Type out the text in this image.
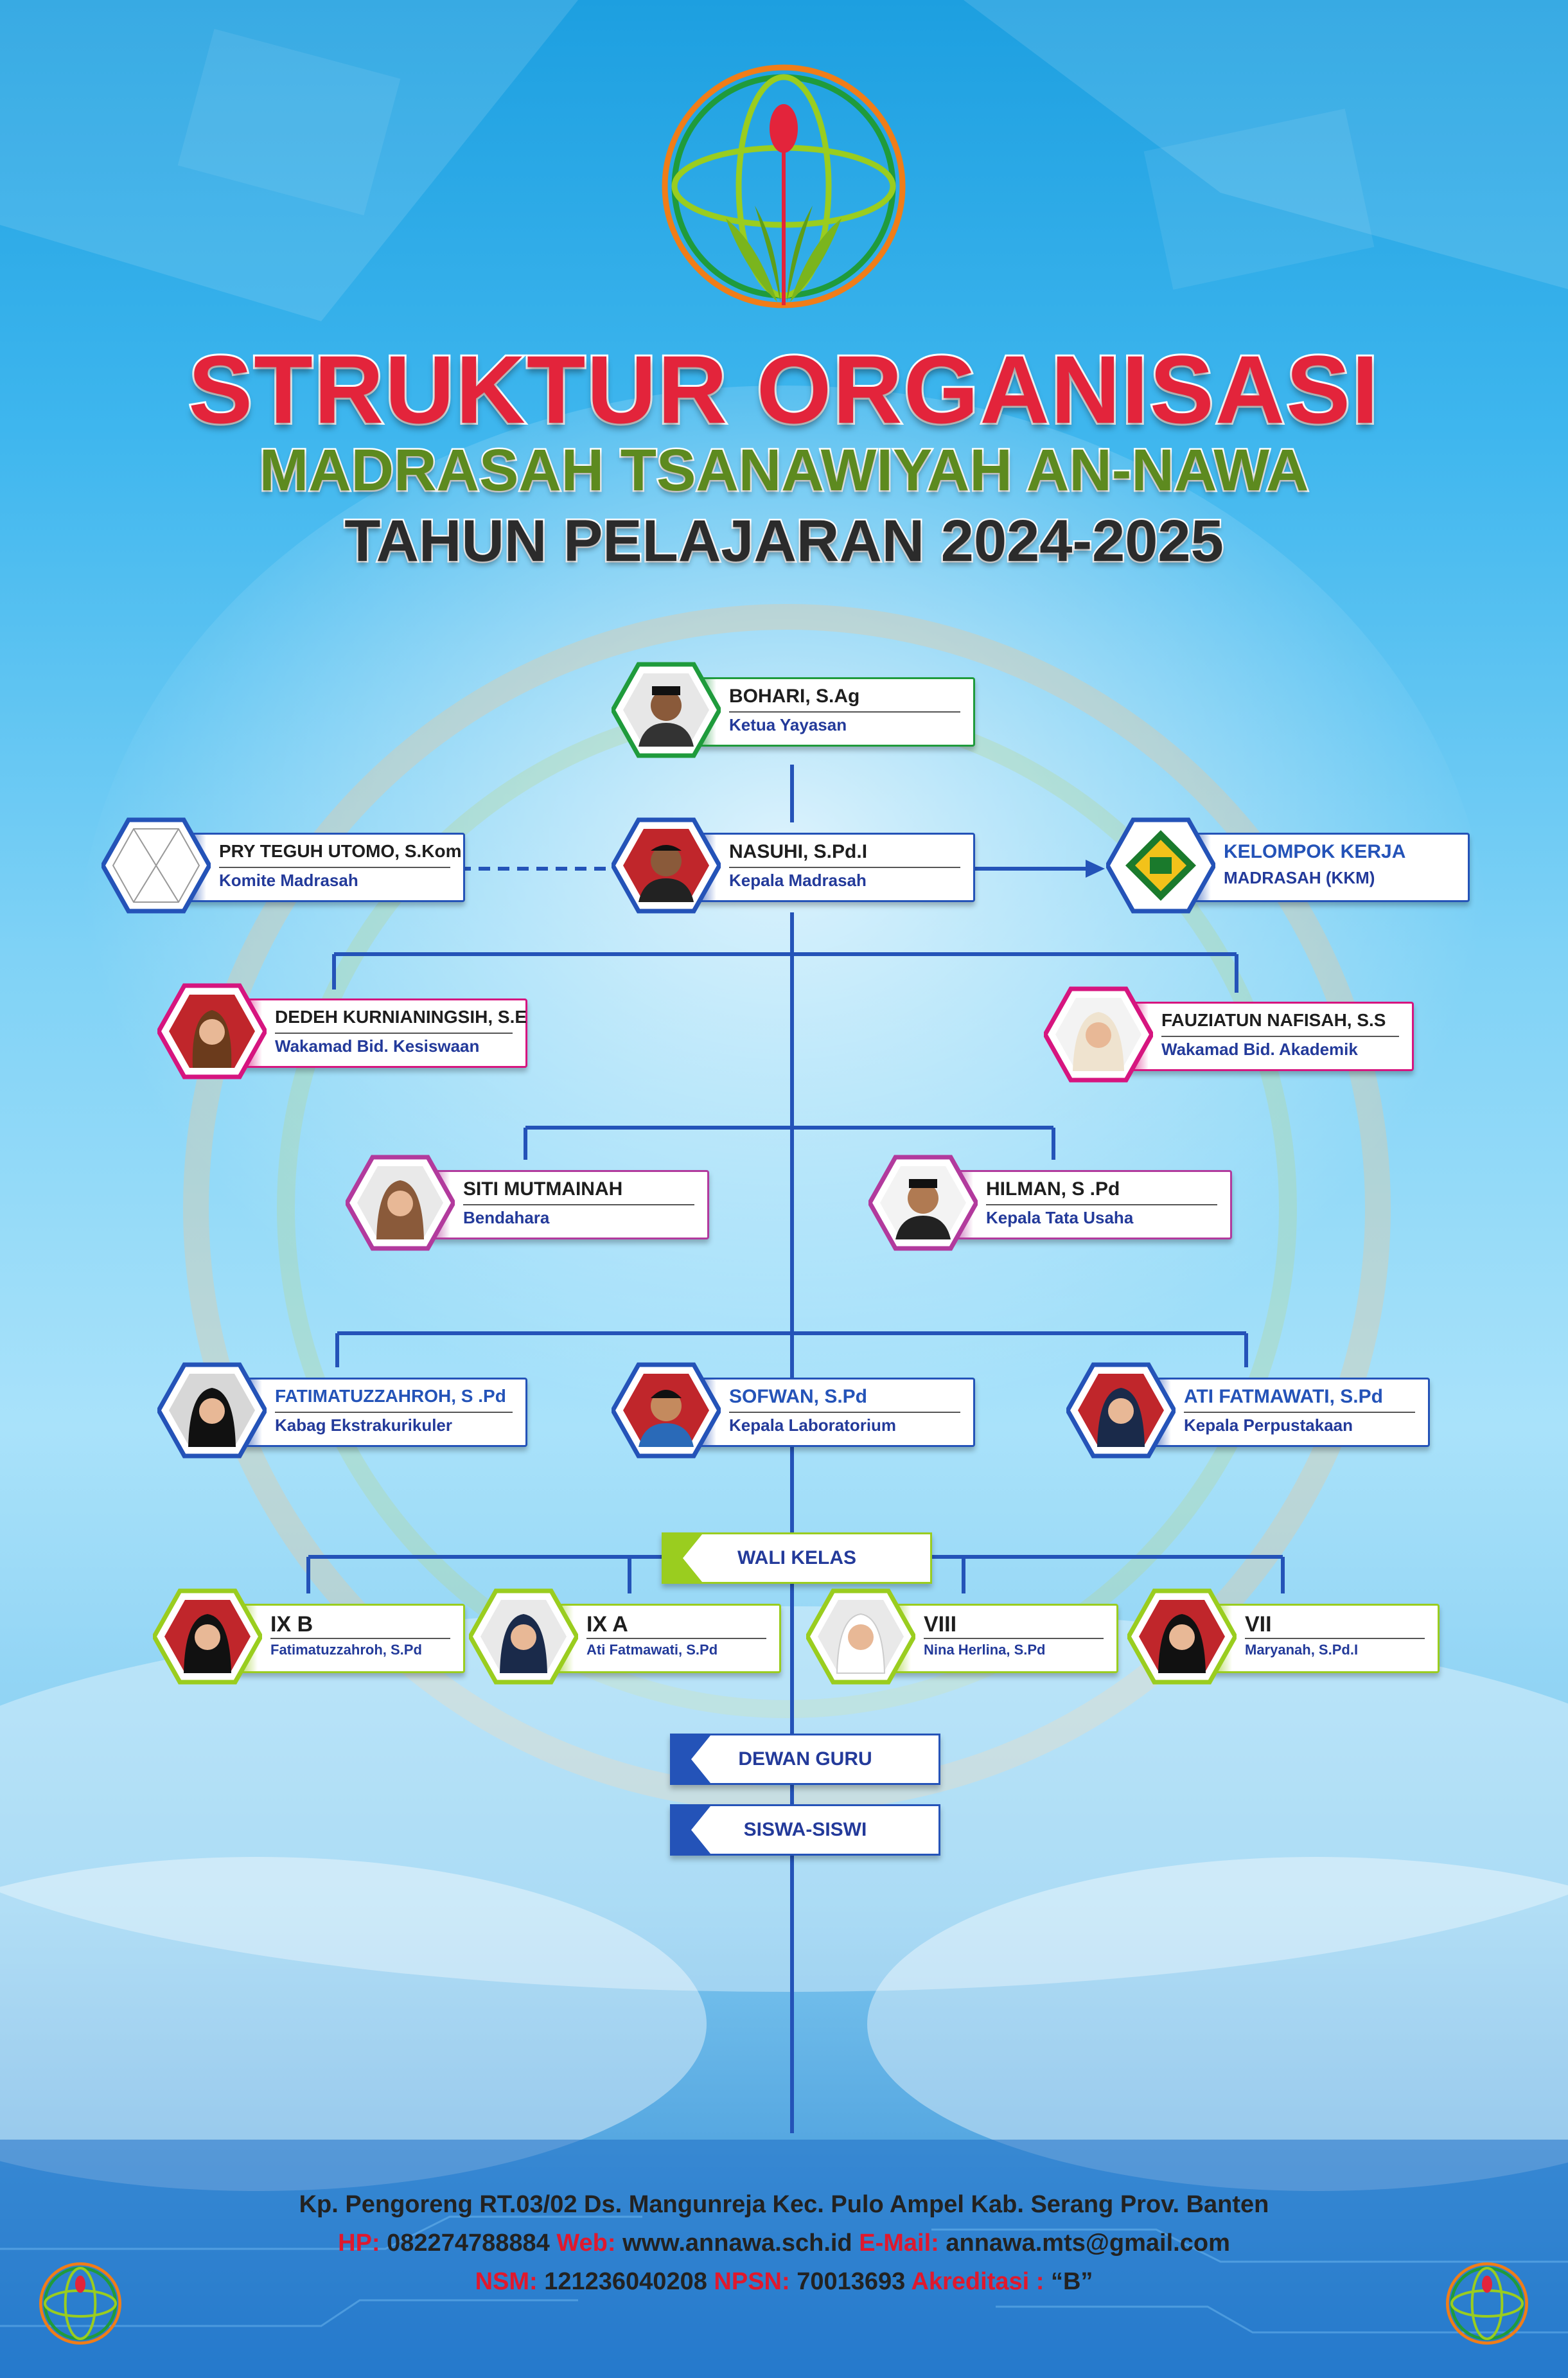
STRUKTUR ORGANISASI
MADRASAH TSANAWIYAH AN-NAWA
TAHUN PELAJARAN 2024-2025
BOHARI, S.Ag
Ketua Yayasan
PRY TEGUH UTOMO, S.Kom
Komite Madrasah
NASUHI, S.Pd.I
Kepala Madrasah
KELOMPOK KERJA
MADRASAH (KKM)
DEDEH KURNIANINGSIH, S.E
Wakamad Bid. Kesiswaan
FAUZIATUN NAFISAH, S.S
Wakamad Bid. Akademik
SITI MUTMAINAH
Bendahara
HILMAN, S .Pd
Kepala Tata Usaha
FATIMATUZZAHROH, S .Pd
Kabag Ekstrakurikuler
SOFWAN, S.Pd
Kepala Laboratorium
ATI FATMAWATI, S.Pd
Kepala Perpustakaan
WALI KELAS
IX B
Fatimatuzzahroh, S.Pd
IX A
Ati Fatmawati, S.Pd
VIII
Nina Herlina, S.Pd
VII
Maryanah, S.Pd.I
DEWAN GURU
SISWA-SISWI
Kp. Pengoreng RT.03/02 Ds. Mangunreja Kec. Pulo Ampel Kab. Serang Prov. Banten
HP: 082274788884 Web: www.annawa.sch.id E-Mail: annawa.mts@gmail.com
NSM: 121236040208 NPSN: 70013693 Akreditasi : “B”
